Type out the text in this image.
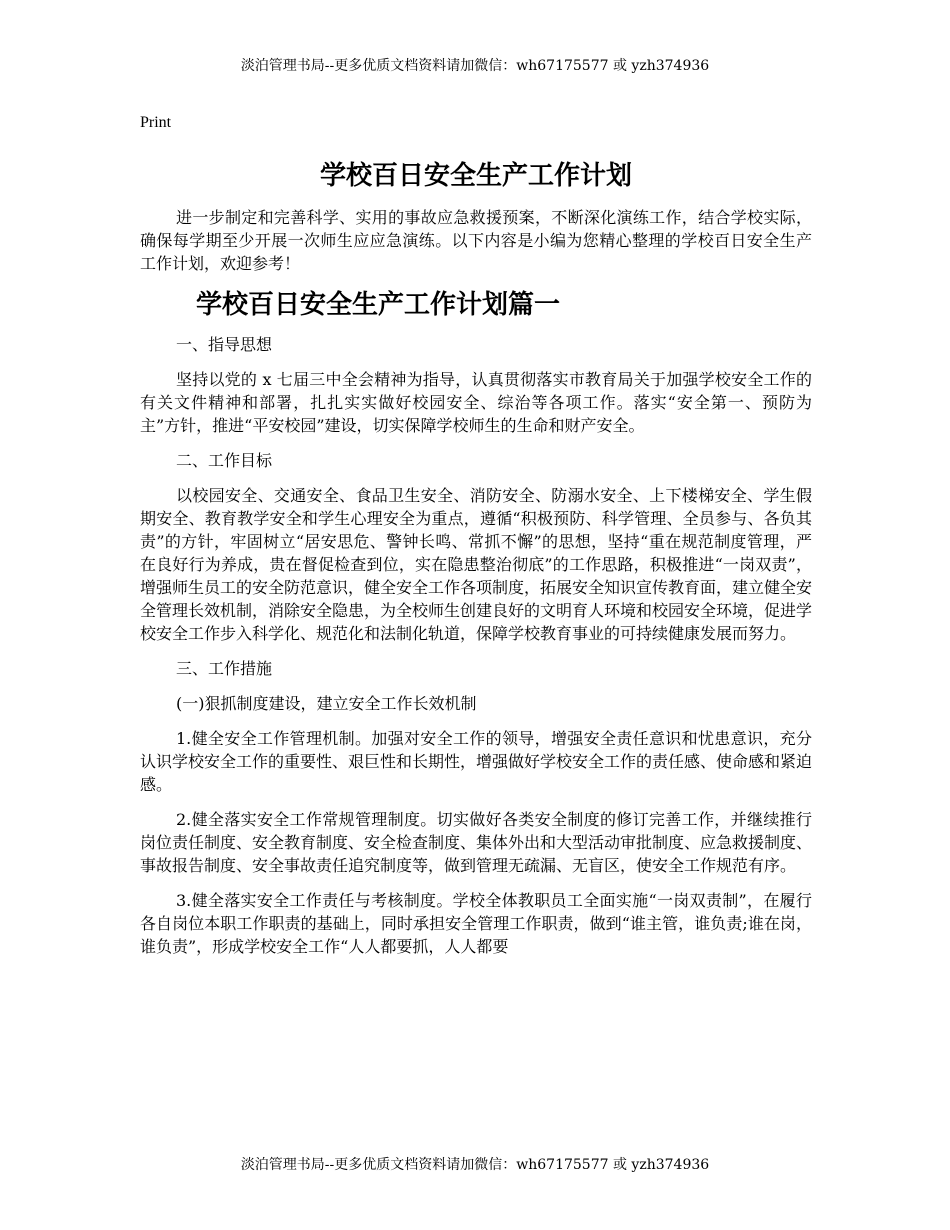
淡泊管理书局--更多优质文档资料请加微信：wh67175577 或 yzh374936
Print
学校百日安全生产工作计划

进一步制定和完善科学、实用的事故应急救援预案，不断深化演练工作，结合学校实际，确保每学期至少开展一次师生应应急演练。以下内容是小编为您精心整理的学校百日安全生产 工作计划，欢迎参考！

学校百日安全生产工作计划篇一

一、指导思想

坚持以党的 x 七届三中全会精神为指导，认真贯彻落实市教育局关于加强学校安全工作的有关文件精神和部署，扎扎实实做好校园安全、综治等各项工作。落实“安全第一、预防为主”方针，推进“平安校园”建设，切实保障学校师生的生命和财产安全。

二、工作目标

以校园安全、交通安全、食品卫生安全、消防安全、防溺水安全、上下楼梯安全、学生假期安全、教育教学安全和学生心理安全为重点，遵循“积极预防、科学管理、全员参与、各负其责”的方针，牢固树立“居安思危、警钟长鸣、常抓不懈”的思想，坚持“重在规范制度管理，严在良好行为养成，贵在督促检查到位，实在隐患整治彻底”的工作思路，积极推进“一岗双责”，增强师生员工的安全防范意识，健全安全工作各项制度，拓展安全知识宣传教育面，建立健全安全管理长效机制，消除安全隐患，为全校师生创建良好的文明育人环境和校园安全环境，促进学校安全工作步入科学化、规范化和法制化轨道，保障学校教育事业的可持续健康发展而努力。

三、工作措施

(一)狠抓制度建设，建立安全工作长效机制

1.健全安全工作管理机制。加强对安全工作的领导，增强安全责任意识和忧患意识，充分认识学校安全工作的重要性、艰巨性和长期性，增强做好学校安全工作的责任感、使命感和紧迫感。

2.健全落实安全工作常规管理制度。切实做好各类安全制度的修订完善工作，并继续推行岗位责任制度、安全教育制度、安全检查制度、集体外出和大型活动审批制度、应急救援制度、事故报告制度、安全事故责任追究制度等，做到管理无疏漏、无盲区，使安全工作规范有序。

3.健全落实安全工作责任与考核制度。学校全体教职员工全面实施“一岗双责制”，在履行各自岗位本职工作职责的基础上，同时承担安全管理工作职责，做到“谁主管，谁负责;谁在岗，谁负责”，形成学校安全工作“人人都要抓，人人都要

淡泊管理书局--更多优质文档资料请加微信：wh67175577 或 yzh374936
